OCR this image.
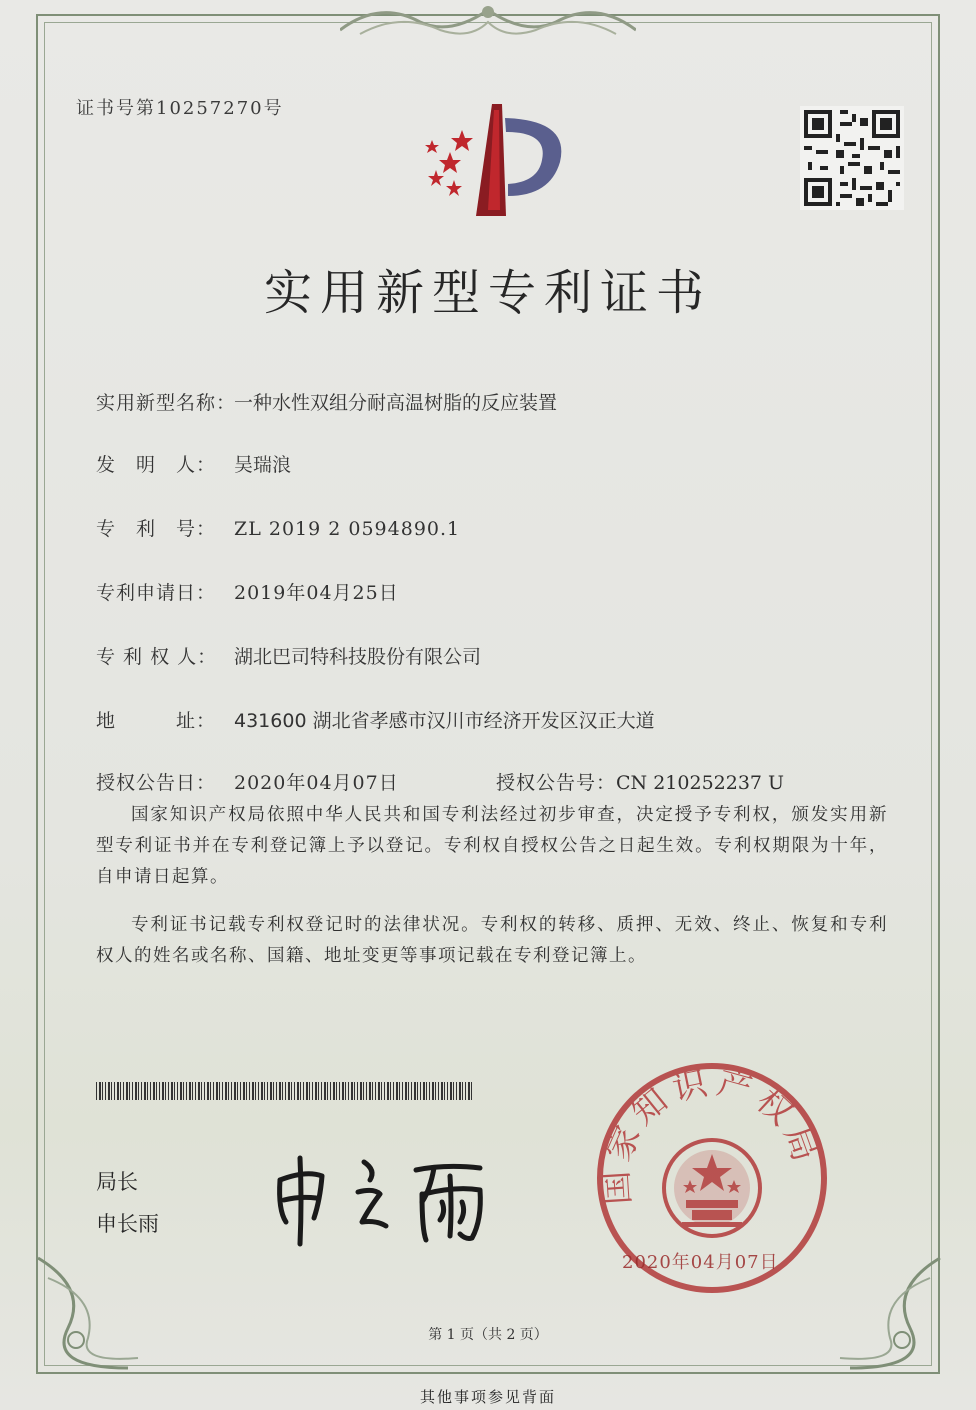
证书号第10257270号
实用新型专利证书
实用新型名称：一种水性双组分耐高温树脂的反应装置
发　明　人： 吴瑞浪
专　利　号： ZL 2019 2 0594890.1
专利申请日： 2019年04月25日
专 利 权 人： 湖北巴司特科技股份有限公司
地　　　址： 431600 湖北省孝感市汉川市经济开发区汉正大道
授权公告日： 2020年04月07日	授权公告号：CN 210252237 U

国家知识产权局依照中华人民共和国专利法经过初步审查，决定授予专利权，颁发实用新型专利证书并在专利登记簿上予以登记。专利权自授权公告之日起生效。专利权期限为十年，自申请日起算。

专利证书记载专利权登记时的法律状况。专利权的转移、质押、无效、终止、恢复和专利权人的姓名或名称、国籍、地址变更等事项记载在专利登记簿上。

局长
申长雨
国家知识产权局
2020年04月07日
第 1 页（共 2 页）
其他事项参见背面
